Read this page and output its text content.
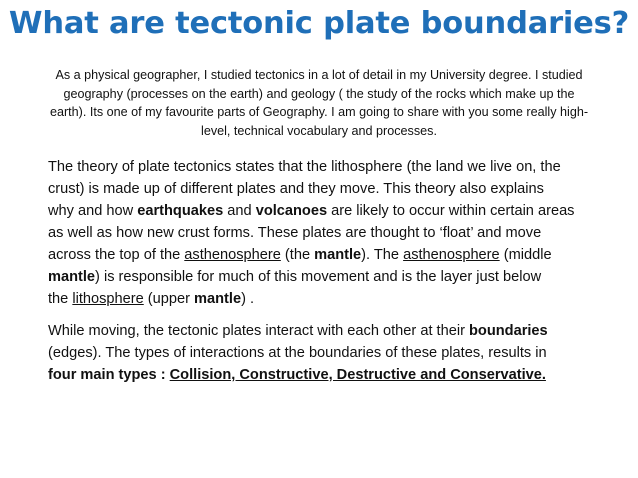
What are tectonic plate boundaries?
As a physical geographer, I studied tectonics in a lot of detail in my University degree. I studied
geography (processes on the earth) and geology ( the study of the rocks which make up the
earth). Its one of my favourite parts of Geography. I am going to share with you some really high-
level, technical vocabulary and processes.
The theory of plate tectonics states that the lithosphere (the land we live on, the
crust) is made up of different plates and they move. This theory also explains
why and how earthquakes and volcanoes are likely to occur within certain areas
as well as how new crust forms. These plates are thought to ‘float’ and move
across the top of the asthenosphere (the mantle). The asthenosphere (middle
mantle) is responsible for much of this movement and is the layer just below
the lithosphere (upper mantle) .
While moving, the tectonic plates interact with each other at their boundaries
(edges). The types of interactions at the boundaries of these plates, results in
four main types : Collision, Constructive, Destructive and Conservative.
